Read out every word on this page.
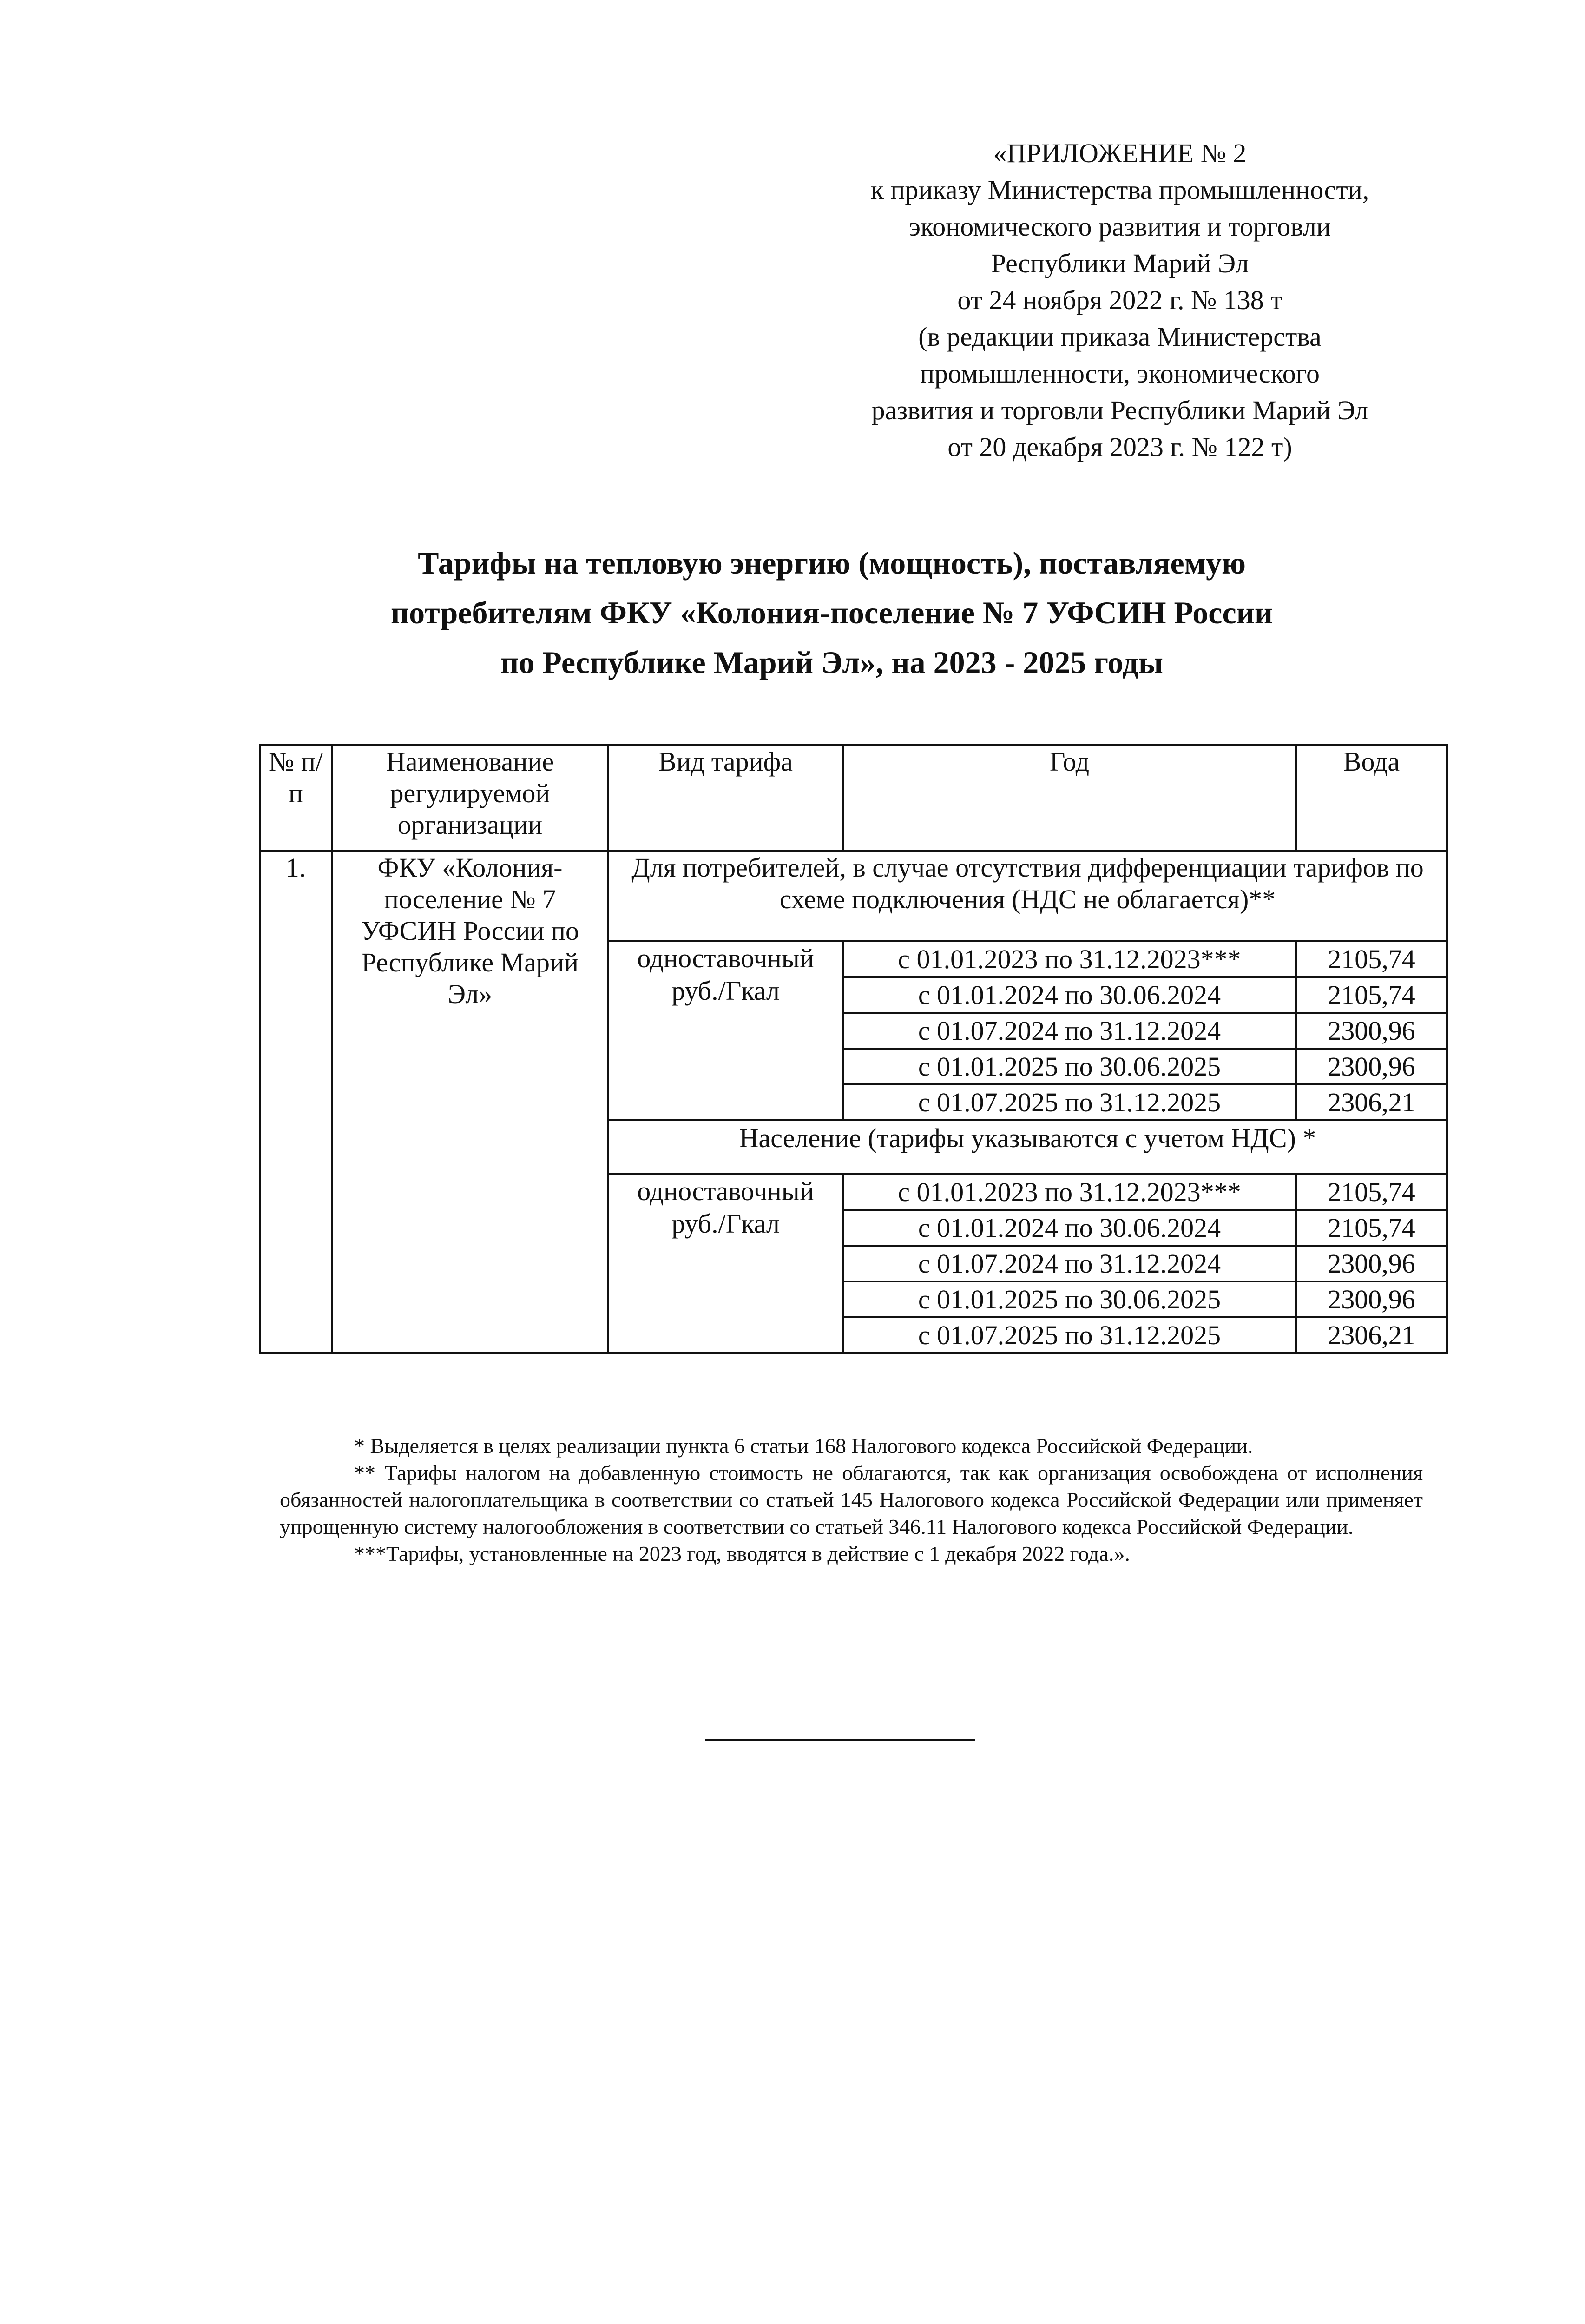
«ПРИЛОЖЕНИЕ № 2
к приказу Министерства промышленности,
экономического развития и торговли
Республики Марий Эл
от 24 ноября 2022 г. № 138 т
(в редакции приказа Министерства
промышленности, экономического
развития и торговли Республики Марий Эл
от 20 декабря 2023 г. № 122 т)
Тарифы на тепловую энергию (мощность), поставляемую
потребителям ФКУ «Колония-поселение № 7 УФСИН России
по Республике Марий Эл», на 2023 - 2025 годы
№ п/п	Наименование регулируемой организации	Вид тарифа	Год	Вода
1.	ФКУ «Колония-поселение № 7 УФСИН России по Республике Марий Эл»	Для потребителей, в случае отсутствия дифференциации тарифов по схеме подключения (НДС не облагается)**		
		одноставочный руб./Гкал	с 01.01.2023 по 31.12.2023***	2105,74
			с 01.01.2024 по 30.06.2024	2105,74
			с 01.07.2024 по 31.12.2024	2300,96
			с 01.01.2025 по 30.06.2025	2300,96
			с 01.07.2025 по 31.12.2025	2306,21
		Население (тарифы указываются с учетом НДС) *		
		одноставочный руб./Гкал	с 01.01.2023 по 31.12.2023***	2105,74
			с 01.01.2024 по 30.06.2024	2105,74
			с 01.07.2024 по 31.12.2024	2300,96
			с 01.01.2025 по 30.06.2025	2300,96
			с 01.07.2025 по 31.12.2025	2306,21

* Выделяется в целях реализации пункта 6 статьи 168 Налогового кодекса Российской Федерации.

** Тарифы налогом на добавленную стоимость не облагаются, так как организация освобождена от исполнения обязанностей налогоплательщика в соответствии со статьей 145 Налогового кодекса Российской Федерации или применяет упрощенную систему налогообложения в соответствии со статьей 346.11 Налогового кодекса Российской Федерации.

***Тарифы, установленные на 2023 год, вводятся в действие с 1 декабря 2022 года.».
